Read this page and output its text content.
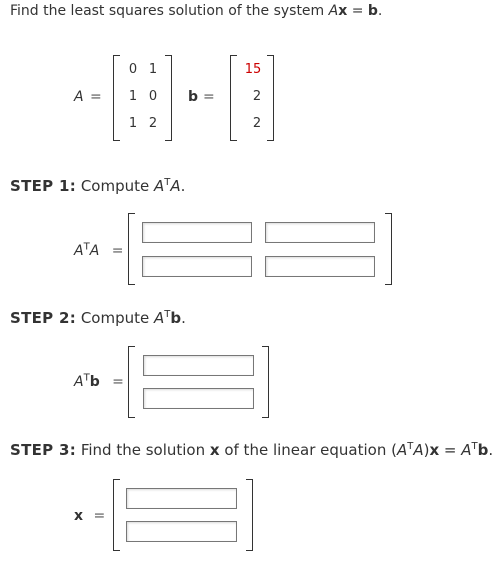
Find the least squares solution of the system Ax = b.
A =
0 1
1 0
1 2
b =
15
2
2
STEP 1: Compute $A^TA$.
$A^TA$ =
STEP 2: Compute $A^Tb$.
$A^Tb$ =
STEP 3: Find the solution x of the linear equation $(A^TA)x = A^Tb$.
x =
